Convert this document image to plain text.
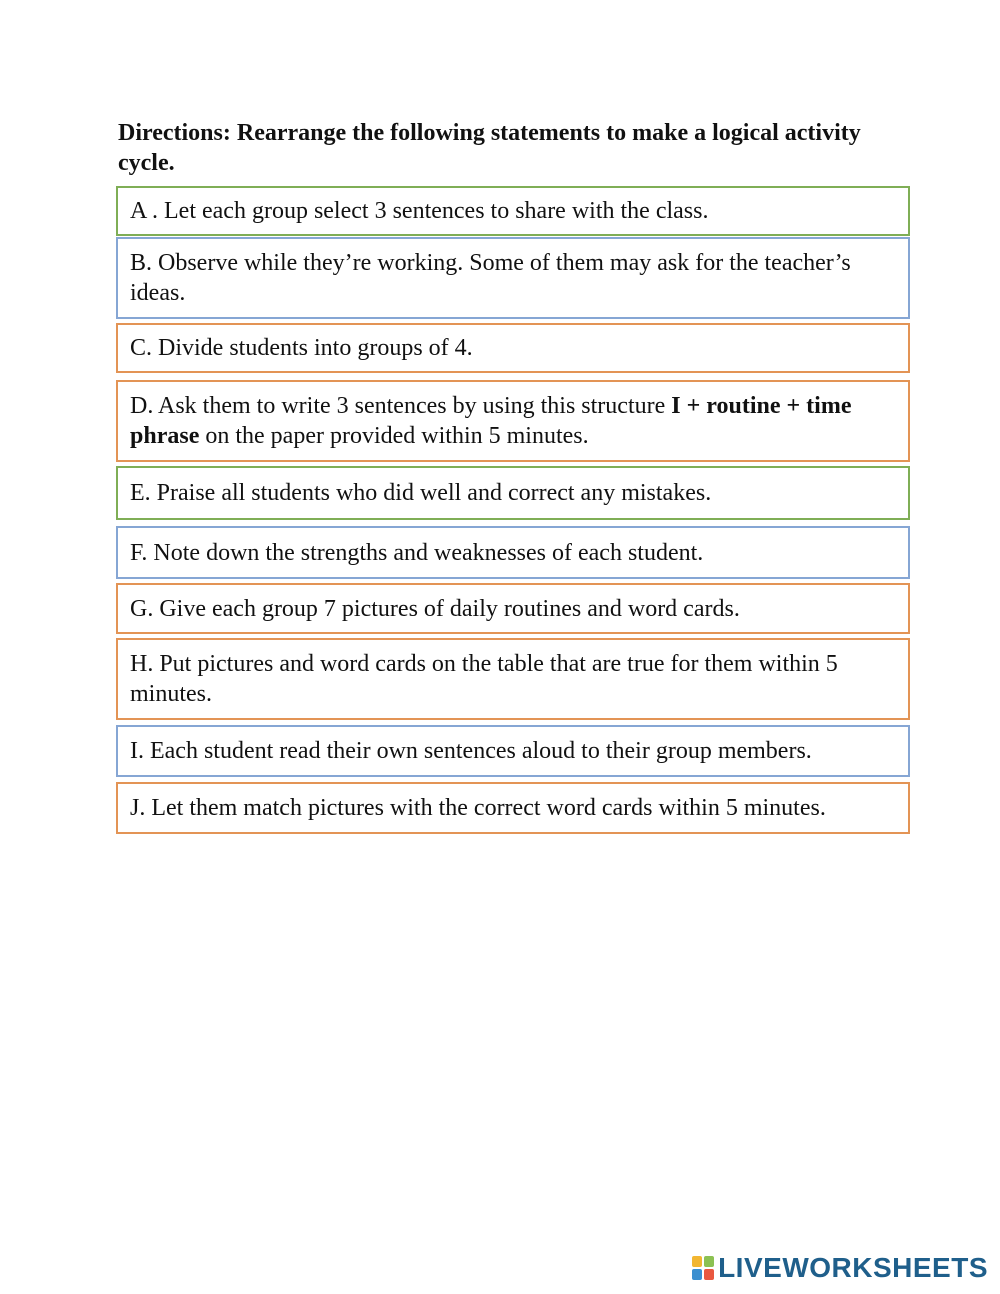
Directions: Rearrange the following statements to make a logical activity cycle.
A . Let each group select 3 sentences to share with the class.
B. Observe while they’re working. Some of them may ask for the teacher’s ideas.
C. Divide students into groups of 4.
D. Ask them to write 3 sentences by using this structure I + routine + time phrase on the paper provided within 5 minutes.
E. Praise all students who did well and correct any mistakes.
F. Note down the strengths and weaknesses of each student.
G. Give each group 7 pictures of daily routines and word cards.
H. Put pictures and word cards on the table that are true for them within 5 minutes.
I. Each student read their own sentences aloud to their group members.
J. Let them match pictures with the correct word cards within 5 minutes.
LIVEWORKSHEETS
